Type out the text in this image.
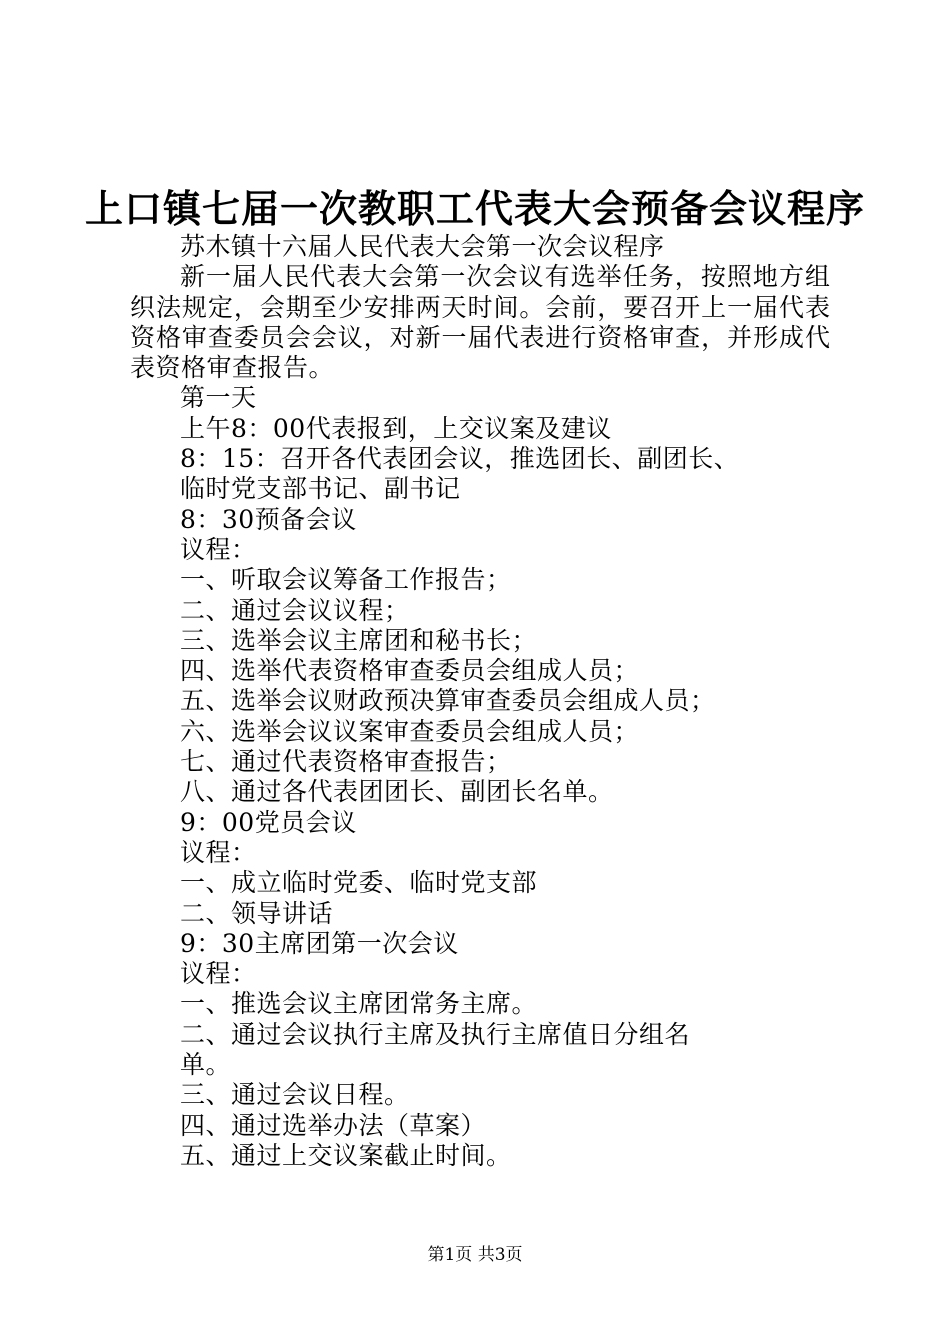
上口镇七届一次教职工代表大会预备会议程序
苏木镇十六届人民代表大会第一次会议程序
新一届人民代表大会第一次会议有选举任务，按照地方组
织法规定，会期至少安排两天时间。会前，要召开上一届代表
资格审查委员会会议，对新一届代表进行资格审查，并形成代
表资格审查报告。
第一天
上午8：00代表报到，上交议案及建议
8：15：召开各代表团会议，推选团长、副团长、
临时党支部书记、副书记
8：30预备会议
议程：
一、听取会议筹备工作报告；
二、通过会议议程；
三、选举会议主席团和秘书长；
四、选举代表资格审查委员会组成人员；
五、选举会议财政预决算审查委员会组成人员；
六、选举会议议案审查委员会组成人员；
七、通过代表资格审查报告；
八、通过各代表团团长、副团长名单。
9：00党员会议
议程：
一、成立临时党委、临时党支部
二、领导讲话
9：30主席团第一次会议
议程：
一、推选会议主席团常务主席。
二、通过会议执行主席及执行主席值日分组名
单。
三、通过会议日程。
四、通过选举办法（草案）
五、通过上交议案截止时间。
第1页 共3页
